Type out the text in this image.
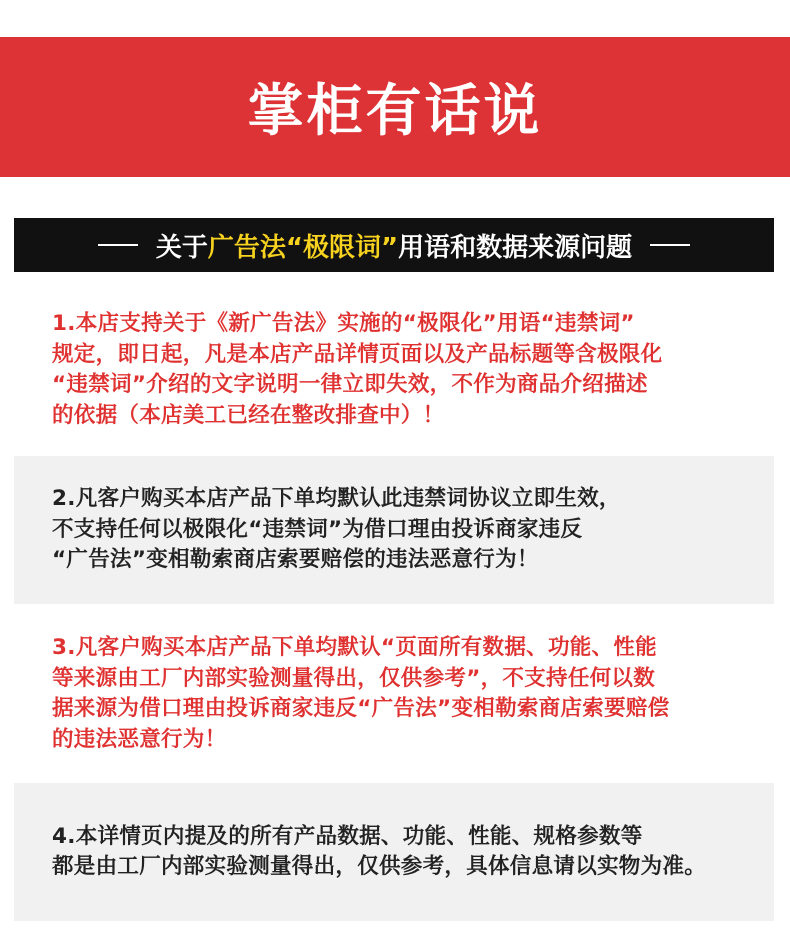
掌柜有话说
关于 广告法“极限词” 用语和数据来源问题
1.本店支持关于《新广告法》实施的“极限化”用语“违禁词”
规定，即日起，凡是本店产品详情页面以及产品标题等含极限化
“违禁词”介绍的文字说明一律立即失效，不作为商品介绍描述
的依据（本店美工已经在整改排查中）！
2.凡客户购买本店产品下单均默认此违禁词协议立即生效，
不支持任何以极限化“违禁词”为借口理由投诉商家违反
“广告法”变相勒索商店索要赔偿的违法恶意行为！
3.凡客户购买本店产品下单均默认“页面所有数据、功能、性能
等来源由工厂内部实验测量得出，仅供参考”，不支持任何以数
据来源为借口理由投诉商家违反“广告法”变相勒索商店索要赔偿
的违法恶意行为！
4.本详情页内提及的所有产品数据、功能、性能、规格参数等
都是由工厂内部实验测量得出，仅供参考，具体信息请以实物为准。
